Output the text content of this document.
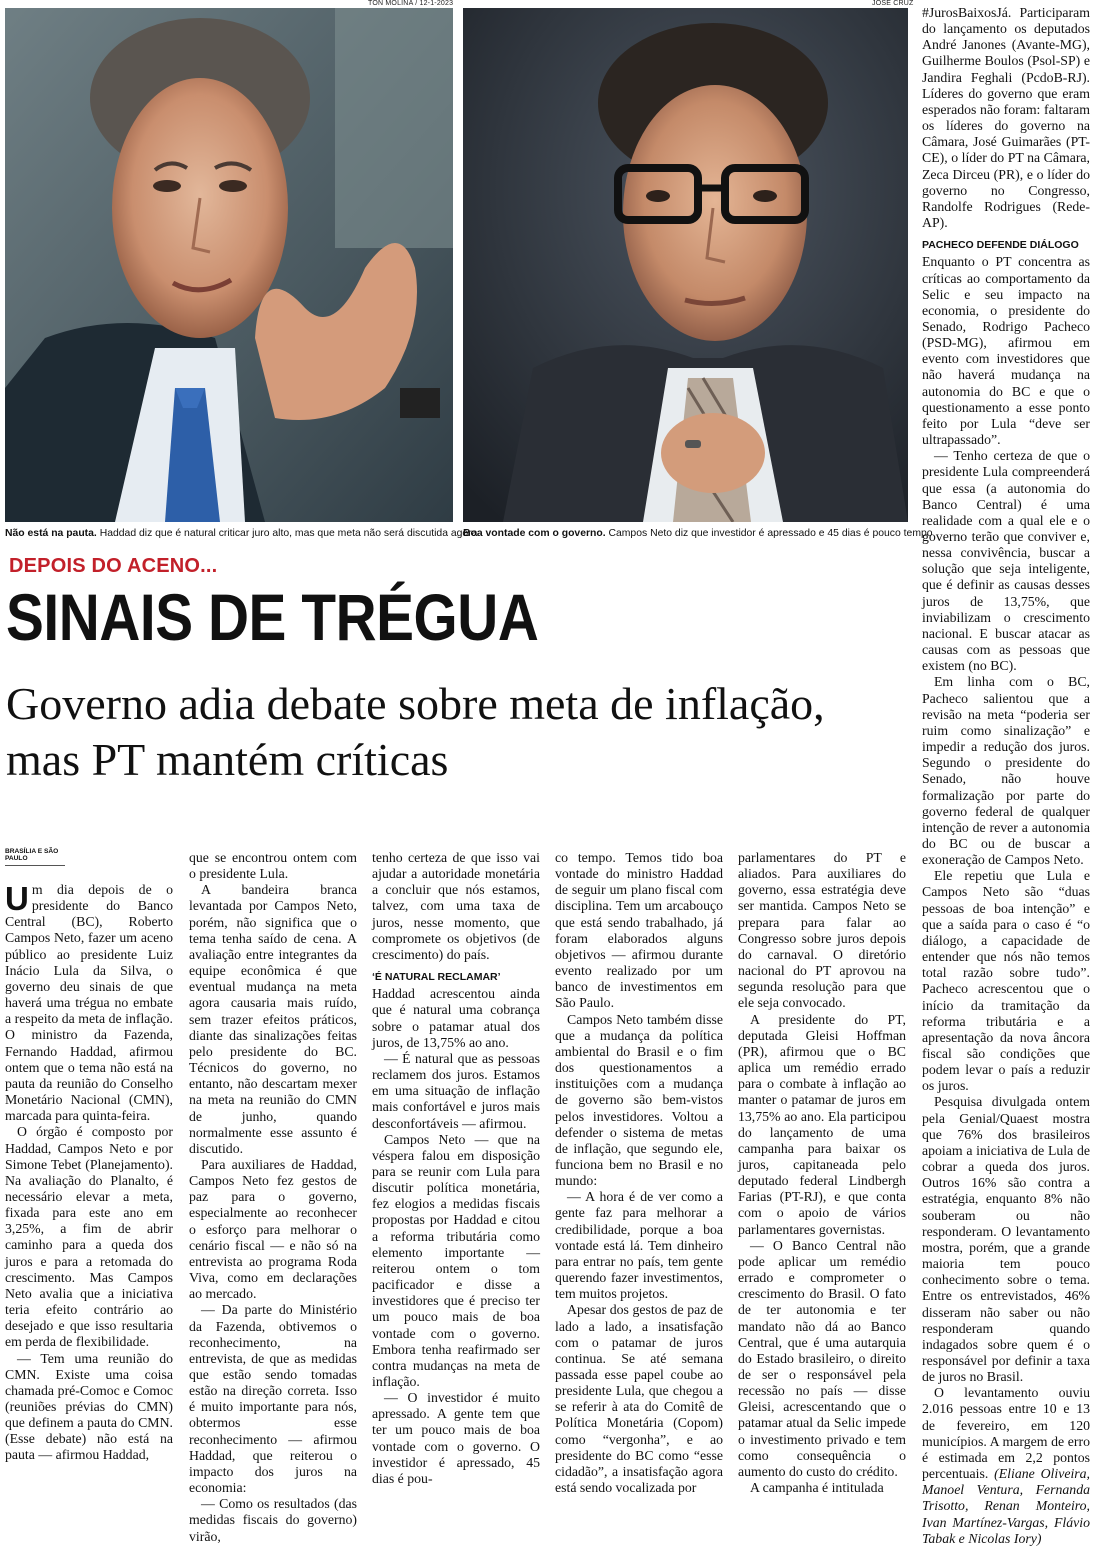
TON MOLINA / 12-1-2023
Não está na pauta. Haddad diz que é natural criticar juro alto, mas que meta não será discutida agora
JOSÉ CRUZ
Boa vontade com o governo. Campos Neto diz que investidor é apressado e 45 dias é pouco tempo
DEPOIS DO ACENO...
SINAIS DE TRÉGUA
Governo adia debate sobre meta de inflação, mas PT mantém críticas
BRASÍLIA E SÃO PAULO

Um dia depois de o presidente do Banco Central (BC), Roberto Campos Neto, fazer um aceno público ao presidente Luiz Inácio Lula da Silva, o governo deu sinais de que haverá uma trégua no embate a respeito da meta de inflação. O ministro da Fazenda, Fernando Haddad, afirmou ontem que o tema não está na pauta da reunião do Conselho Monetário Nacional (CMN), marcada para quinta-feira.

O órgão é composto por Haddad, Campos Neto e por Simone Tebet (Planejamento). Na avaliação do Planalto, é necessário elevar a meta, fixada para este ano em 3,25%, a fim de abrir caminho para a queda dos juros e para a retomada do crescimento. Mas Campos Neto avalia que a iniciativa teria efeito contrário ao desejado e que isso resultaria em perda de flexibilidade.

— Tem uma reunião do CMN. Existe uma coisa chamada pré-Comoc e Comoc (reuniões prévias do CMN) que definem a pauta do CMN. (Esse debate) não está na pauta — afirmou Haddad,

que se encontrou ontem com o presidente Lula.

A bandeira branca levantada por Campos Neto, porém, não significa que o tema tenha saído de cena. A avaliação entre integrantes da equipe econômica é que eventual mudança na meta agora causaria mais ruído, sem trazer efeitos práticos, diante das sinalizações feitas pelo presidente do BC. Técnicos do governo, no entanto, não descartam mexer na meta na reunião do CMN de junho, quando normalmente esse assunto é discutido.

Para auxiliares de Haddad, Campos Neto fez gestos de paz para o governo, especialmente ao reconhecer o esforço para melhorar o cenário fiscal — e não só na entrevista ao programa Roda Viva, como em declarações ao mercado.

— Da parte do Ministério da Fazenda, obtivemos o reconhecimento, na entrevista, de que as medidas que estão sendo tomadas estão na direção correta. Isso é muito importante para nós, obtermos esse reconhecimento — afirmou Haddad, que reiterou o impacto dos juros na economia:

— Como os resultados (das medidas fiscais do governo) virão,

tenho certeza de que isso vai ajudar a autoridade monetária a concluir que nós estamos, talvez, com uma taxa de juros, nesse momento, que compromete os objetivos (de crescimento) do país.

‘É NATURAL RECLAMAR’

Haddad acrescentou ainda que é natural uma cobrança sobre o patamar atual dos juros, de 13,75% ao ano.

— É natural que as pessoas reclamem dos juros. Estamos em uma situação de inflação mais confortável e juros mais desconfortáveis — afirmou.

Campos Neto — que na véspera falou em disposição para se reunir com Lula para discutir política monetária, fez elogios a medidas fiscais propostas por Haddad e citou a reforma tributária como elemento importante — reiterou ontem o tom pacificador e disse a investidores que é preciso ter um pouco mais de boa vontade com o governo. Embora tenha reafirmado ser contra mudanças na meta de inflação.

— O investidor é muito apressado. A gente tem que ter um pouco mais de boa vontade com o governo. O investidor é apressado, 45 dias é pou-

co tempo. Temos tido boa vontade do ministro Haddad de seguir um plano fiscal com disciplina. Tem um arcabouço que está sendo trabalhado, já foram elaborados alguns objetivos — afirmou durante evento realizado por um banco de investimentos em São Paulo.

Campos Neto também disse que a mudança da política ambiental do Brasil e o fim dos questionamentos a instituições com a mudança de governo são bem-vistos pelos investidores. Voltou a defender o sistema de metas de inflação, que segundo ele, funciona bem no Brasil e no mundo:

— A hora é de ver como a gente faz para melhorar a credibilidade, porque a boa vontade está lá. Tem dinheiro para entrar no país, tem gente querendo fazer investimentos, tem muitos projetos.

Apesar dos gestos de paz de lado a lado, a insatisfação com o patamar de juros continua. Se até semana passada esse papel coube ao presidente Lula, que chegou a se referir à ata do Comitê de Política Monetária (Copom) como “vergonha”, e ao presidente do BC como “esse cidadão”, a insatisfação agora está sendo vocalizada por

parlamentares do PT e aliados. Para auxiliares do governo, essa estratégia deve ser mantida. Campos Neto se prepara para falar ao Congresso sobre juros depois do carnaval. O diretório nacional do PT aprovou na segunda resolução para que ele seja convocado.

A presidente do PT, deputada Gleisi Hoffman (PR), afirmou que o BC aplica um remédio errado para o combate à inflação ao manter o patamar de juros em 13,75% ao ano. Ela participou do lançamento de uma campanha para baixar os juros, capitaneada pelo deputado federal Lindbergh Farias (PT-RJ), e que conta com o apoio de vários parlamentares governistas.

— O Banco Central não pode aplicar um remédio errado e comprometer o crescimento do Brasil. O fato de ter autonomia e ter mandato não dá ao Banco Central, que é uma autarquia do Estado brasileiro, o direito de ser o responsável pela recessão no país — disse Gleisi, acrescentando que o patamar atual da Selic impede o investimento privado e tem como consequência o aumento do custo do crédito.

A campanha é intitulada

#JurosBaixosJá. Participaram do lançamento os deputados André Janones (Avante-MG), Guilherme Boulos (Psol-SP) e Jandira Feghali (PcdoB-RJ). Líderes do governo que eram esperados não foram: faltaram os líderes do governo na Câmara, José Guimarães (PT-CE), o líder do PT na Câmara, Zeca Dirceu (PR), e o líder do governo no Congresso, Randolfe Rodrigues (Rede-AP).

PACHECO DEFENDE DIÁLOGO

Enquanto o PT concentra as críticas ao comportamento da Selic e seu impacto na economia, o presidente do Senado, Rodrigo Pacheco (PSD-MG), afirmou em evento com investidores que não haverá mudança na autonomia do BC e que o questionamento a esse ponto feito por Lula “deve ser ultrapassado”.

— Tenho certeza de que o presidente Lula compreenderá que essa (a autonomia do Banco Central) é uma realidade com a qual ele e o governo terão que conviver e, nessa convivência, buscar a solução que seja inteligente, que é definir as causas desses juros de 13,75%, que inviabilizam o crescimento nacional. E buscar atacar as causas com as pessoas que existem (no BC).

Em linha com o BC, Pacheco salientou que a revisão na meta “poderia ser ruim como sinalização” e impedir a redução dos juros. Segundo o presidente do Senado, não houve formalização por parte do governo federal de qualquer intenção de rever a autonomia do BC ou de buscar a exoneração de Campos Neto.

Ele repetiu que Lula e Campos Neto são “duas pessoas de boa intenção” e que a saída para o caso é “o diálogo, a capacidade de entender que nós não temos total razão sobre tudo”. Pacheco acrescentou que o início da tramitação da reforma tributária e a apresentação da nova âncora fiscal são condições que podem levar o país a reduzir os juros.

Pesquisa divulgada ontem pela Genial/Quaest mostra que 76% dos brasileiros apoiam a iniciativa de Lula de cobrar a queda dos juros. Outros 16% são contra a estratégia, enquanto 8% não souberam ou não responderam. O levantamento mostra, porém, que a grande maioria tem pouco conhecimento sobre o tema. Entre os entrevistados, 46% disseram não saber ou não responderam quando indagados sobre quem é o responsável por definir a taxa de juros no Brasil.

O levantamento ouviu 2.016 pessoas entre 10 e 13 de fevereiro, em 120 municípios. A margem de erro é estimada em 2,2 pontos percentuais. (Eliane Oliveira, Manoel Ventura, Fernanda Trisotto, Renan Monteiro, Ivan Martínez-Vargas, Flávio Tabak e Nicolas Iory)
